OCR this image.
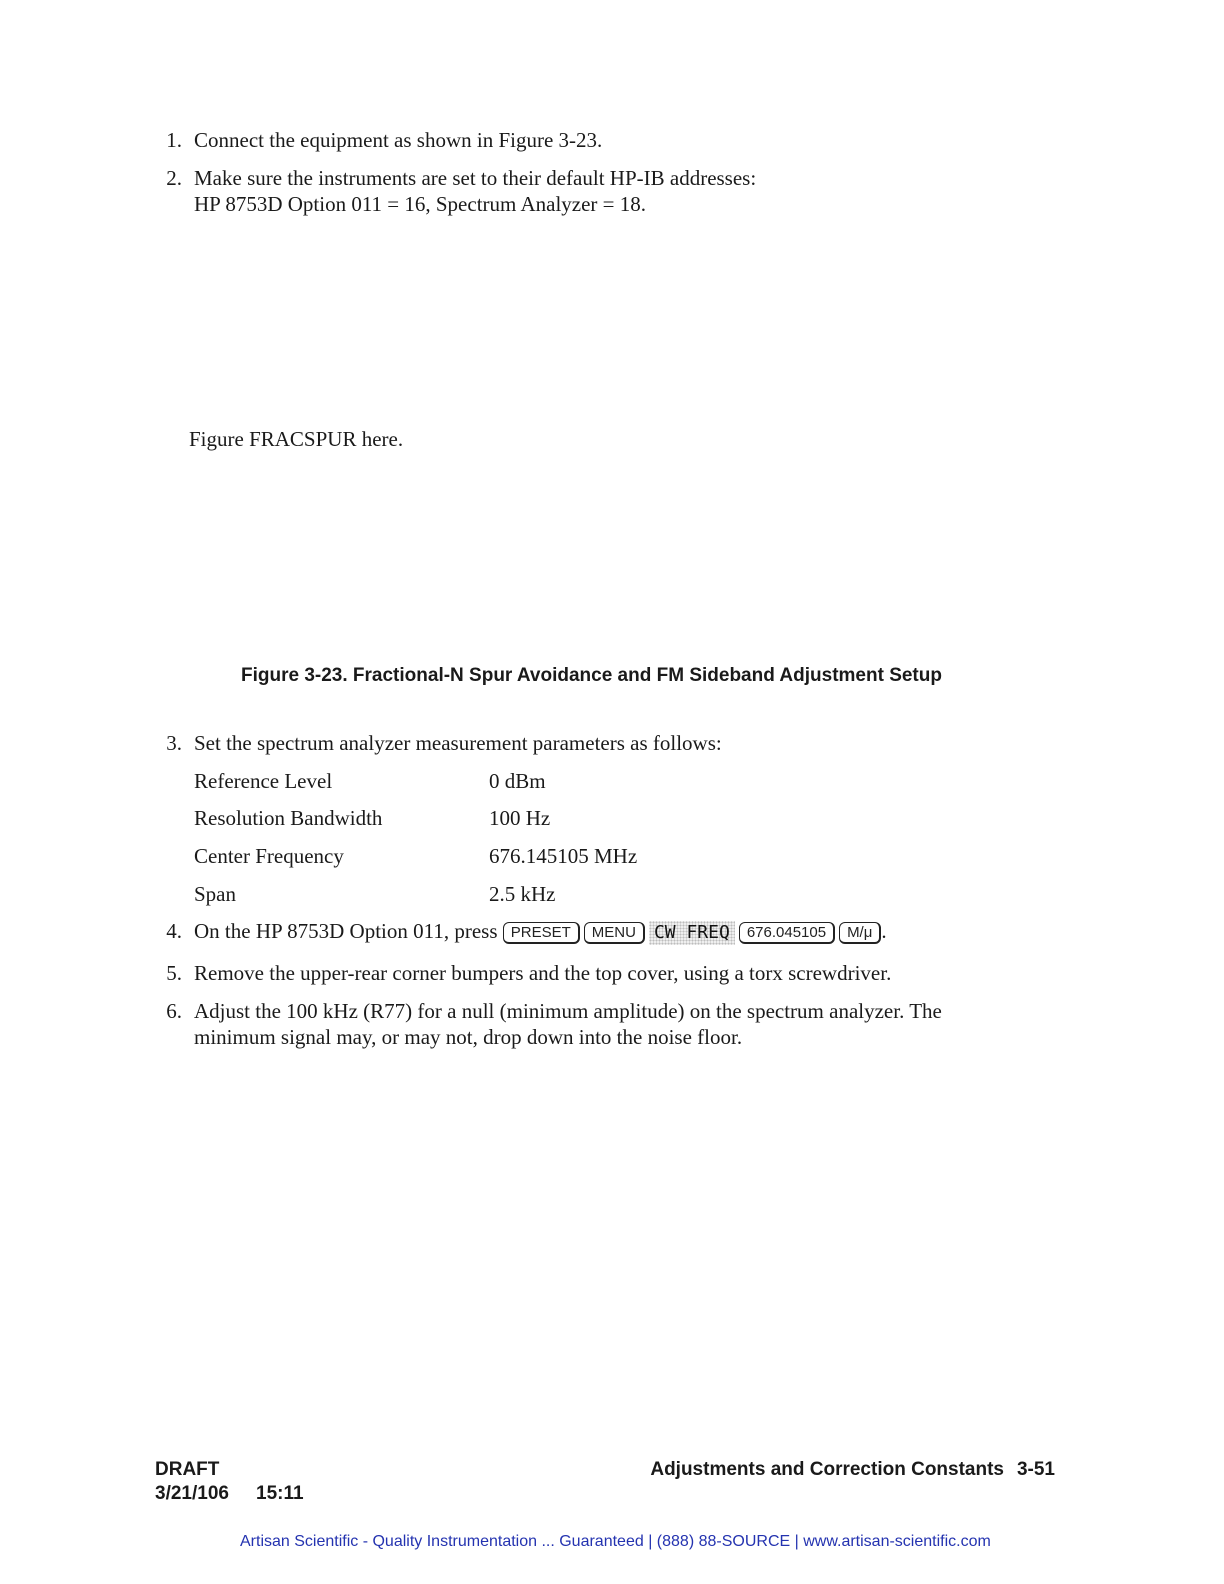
1. Connect the equipment as shown in Figure 3-23.
2. Make sure the instruments are set to their default HP-IB addresses:
HP 8753D Option 011 = 16, Spectrum Analyzer = 18.
Figure FRACSPUR here.
Figure 3-23. Fractional-N Spur Avoidance and FM Sideband Adjustment Setup
3. Set the spectrum analyzer measurement parameters as follows:
Reference Level	0 dBm
Resolution Bandwidth	100 Hz
Center Frequency	676.145105 MHz
Span	2.5 kHz
4. On the HP 8753D Option 011, press PRESET MENU CW FREQ 676.045105 M/μ .
5. Remove the upper-rear corner bumpers and the top cover, using a torx screwdriver.
6. Adjust the 100 kHz (R77) for a null (minimum amplitude) on the spectrum analyzer. The
minimum signal may, or may not, drop down into the noise floor.
DRAFT
3/21/106 15:11
Adjustments and Correction Constants 3-51
Artisan Scientific - Quality Instrumentation ... Guaranteed | (888) 88-SOURCE | www.artisan-scientific.com
